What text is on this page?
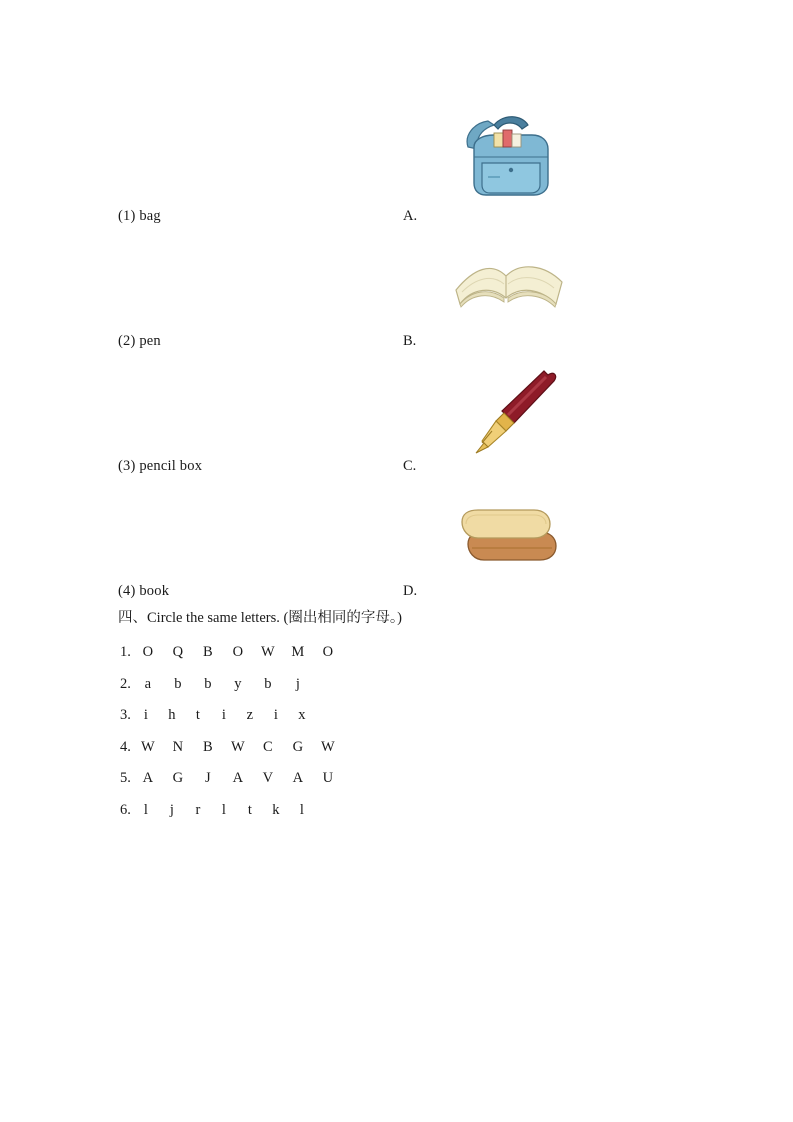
(1) bag	A.
(2) pen	B.
(3) pencil box	C.
(4) book	D.
四、Circle the same letters. (圈出相同的字母。)
1. O Q B O W M O
2. a b b y b j
3. i h t i z i x
4. W N B W C G W
5. A G J A V A U
6. l j r l t k l
